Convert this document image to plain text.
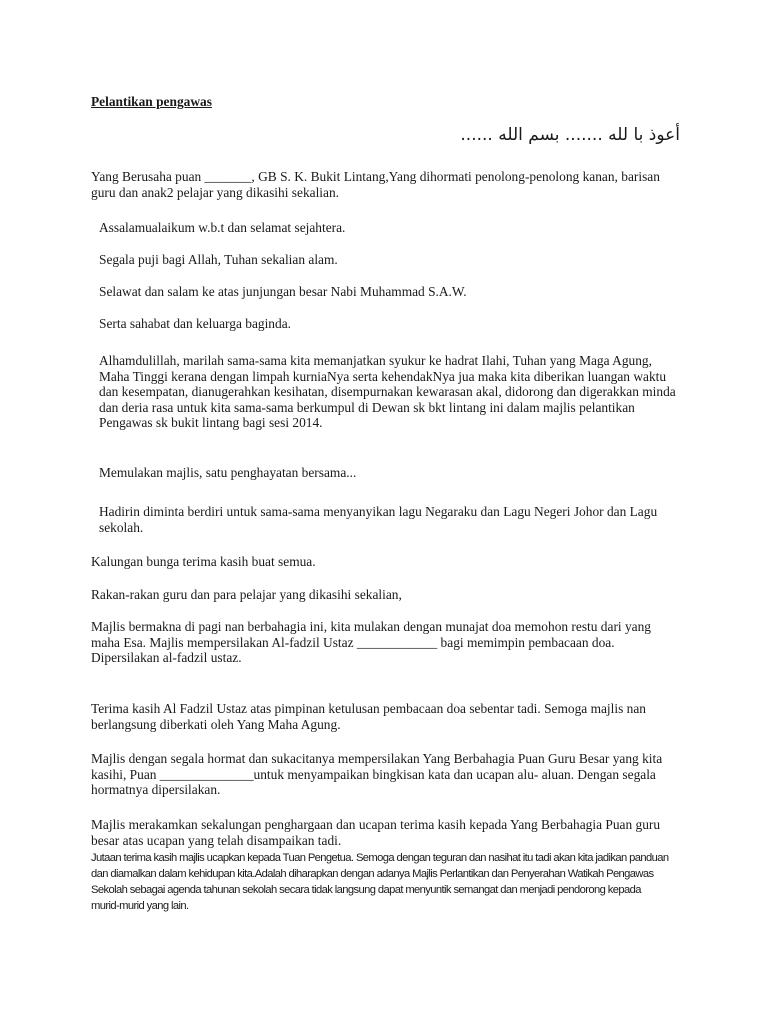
Pelantikan pengawas

أعوذ با لله ....... بسم الله ......

Yang Berusaha puan _______, GB S. K. Bukit Lintang,Yang dihormati penolong-penolong kanan, barisan guru dan anak2 pelajar yang dikasihi sekalian.

Assalamualaikum w.b.t dan selamat sejahtera.

Segala puji bagi Allah, Tuhan sekalian alam.

Selawat dan salam ke atas junjungan besar Nabi Muhammad S.A.W.

Serta sahabat dan keluarga baginda.

Alhamdulillah, marilah sama-sama kita memanjatkan syukur ke hadrat Ilahi, Tuhan yang Maga Agung, Maha Tinggi kerana dengan limpah kurniaNya serta kehendakNya jua maka kita diberikan luangan waktu dan kesempatan, dianugerahkan kesihatan, disempurnakan kewarasan akal, didorong dan digerakkan minda dan deria rasa untuk kita sama-sama berkumpul di Dewan sk bkt lintang ini dalam majlis pelantikan Pengawas sk bukit lintang bagi sesi 2014.

Memulakan majlis, satu penghayatan bersama...

Hadirin diminta berdiri untuk sama-sama menyanyikan lagu Negaraku dan Lagu Negeri Johor dan Lagu sekolah.

Kalungan bunga terima kasih buat semua.

Rakan-rakan guru dan para pelajar yang dikasihi sekalian,

Majlis bermakna di pagi nan berbahagia ini, kita mulakan dengan munajat doa memohon restu dari yang maha Esa. Majlis mempersilakan Al-fadzil Ustaz ____________ bagi memimpin pembacaan doa. Dipersilakan al-fadzil ustaz.

Terima kasih Al Fadzil Ustaz atas pimpinan ketulusan pembacaan doa sebentar tadi. Semoga majlis nan berlangsung diberkati oleh Yang Maha Agung.

Majlis dengan segala hormat dan sukacitanya mempersilakan Yang Berbahagia Puan Guru Besar yang kita kasihi, Puan ______________untuk menyampaikan bingkisan kata dan ucapan alu- aluan. Dengan segala hormatnya dipersilakan.

Majlis merakamkan sekalungan penghargaan dan ucapan terima kasih kepada Yang Berbahagia Puan guru besar atas ucapan yang telah disampaikan tadi.

Jutaan terima kasih majlis ucapkan kepada Tuan Pengetua. Semoga dengan teguran dan nasihat itu tadi akan kita jadikan panduan dan diamalkan dalam kehidupan kita.Adalah diharapkan dengan adanya Majlis Perlantikan dan Penyerahan Watikah Pengawas Sekolah sebagai agenda tahunan sekolah secara tidak langsung dapat menyuntik semangat dan menjadi pendorong kepada murid-murid yang lain.
